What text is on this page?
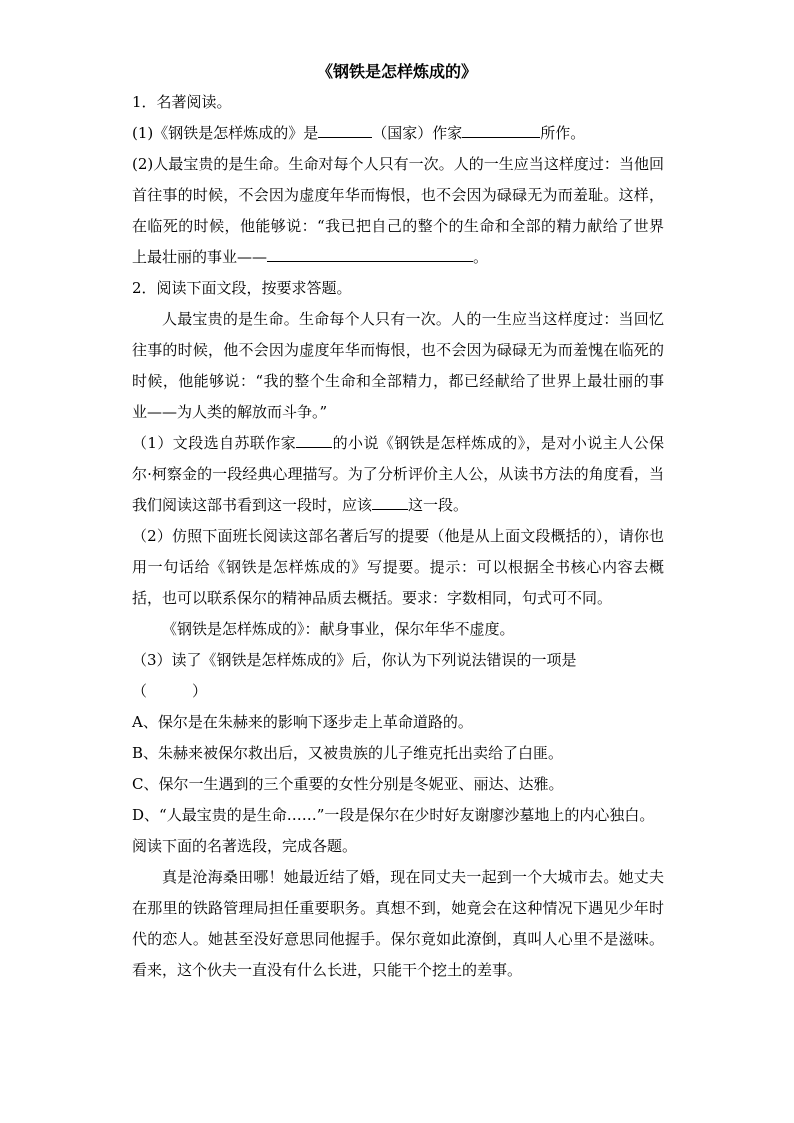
《钢铁是怎样炼成的》

1．名著阅读。

(1)《钢铁是怎样炼成的》是	（国家）作家	所作。

(2)人最宝贵的是生命。生命对每个人只有一次。人的一生应当这样度过：当他回首往事的时候，不会因为虚度年华而悔恨，也不会因为碌碌无为而羞耻。这样，在临死的时候，他能够说：“我已把自己的整个的生命和全部的精力献给了世界上最壮丽的事业——	。

2．阅读下面文段，按要求答题。

人最宝贵的是生命。生命每个人只有一次。人的一生应当这样度过：当回忆往事的时候，他不会因为虚度年华而悔恨，也不会因为碌碌无为而羞愧在临死的时候，他能够说：“我的整个生命和全部精力，都已经献给了世界上最壮丽的事业——为人类的解放而斗争。”

（1）文段选自苏联作家 的小说《钢铁是怎样炼成的》，是对小说主人公保尔·柯察金的一段经典心理描写。为了分析评价主人公，从读书方法的角度看，当我们阅读这部书看到这一段时，应该 这一段。

（2）仿照下面班长阅读这部名著后写的提要（他是从上面文段概括的），请你也用一句话给《钢铁是怎样炼成的》写提要。提示：可以根据全书核心内容去概括，也可以联系保尔的精神品质去概括。要求：字数相同，句式可不同。

《钢铁是怎样炼成的》：献身事业，保尔年华不虚度。

（3）读了《钢铁是怎样炼成的》后，你认为下列说法错误的一项是

（　　　）

A、保尔是在朱赫来的影响下逐步走上革命道路的。

B、朱赫来被保尔救出后，又被贵族的儿子维克托出卖给了白匪。

C、保尔一生遇到的三个重要的女性分别是冬妮亚、丽达、达雅。

D、“人最宝贵的是生命……”一段是保尔在少时好友谢廖沙墓地上的内心独白。

阅读下面的名著选段，完成各题。

真是沧海桑田哪！她最近结了婚，现在同丈夫一起到一个大城市去。她丈夫在那里的铁路管理局担任重要职务。真想不到，她竟会在这种情况下遇见少年时代的恋人。她甚至没好意思同他握手。保尔竟如此潦倒，真叫人心里不是滋味。看来，这个伙夫一直没有什么长进，只能干个挖土的差事。
